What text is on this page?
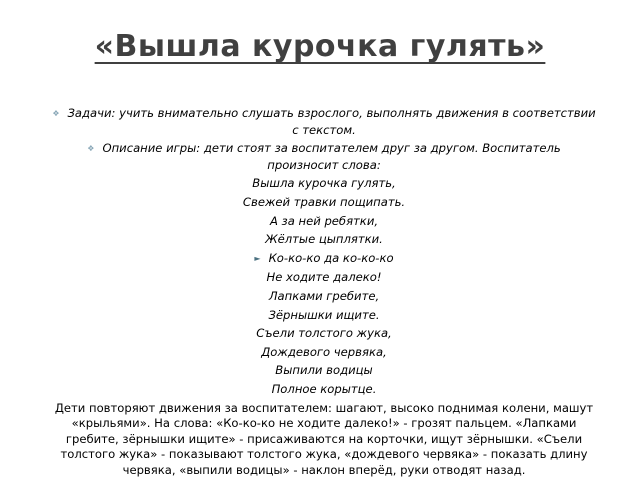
«Вышла курочка гулять»

❖ Задачи: учить внимательно слушать взрослого, выполнять движения в соответствии с текстом.

❖ Описание игры: дети стоят за воспитателем друг за другом. Воспитатель произносит слова:

Вышла курочка гулять,

Свежей травки пощипать.

А за ней ребятки,

Жёлтые цыплятки.

► Ко-ко-ко да ко-ко-ко

Не ходите далеко!

Лапками гребите,

Зёрнышки ищите.

Съели толстого жука,

Дождевого червяка,

Выпили водицы

Полное корытце.

Дети повторяют движения за воспитателем: шагают, высоко поднимая колени, машут «крыльями». На слова: «Ко-ко-ко не ходите далеко!» - грозят пальцем. «Лапками гребите, зёрнышки ищите» - присаживаются на корточки, ищут зёрнышки. «Съели толстого жука» - показывают толстого жука, «дождевого червяка» - показать длину червяка, «выпили водицы» - наклон вперёд, руки отводят назад.
